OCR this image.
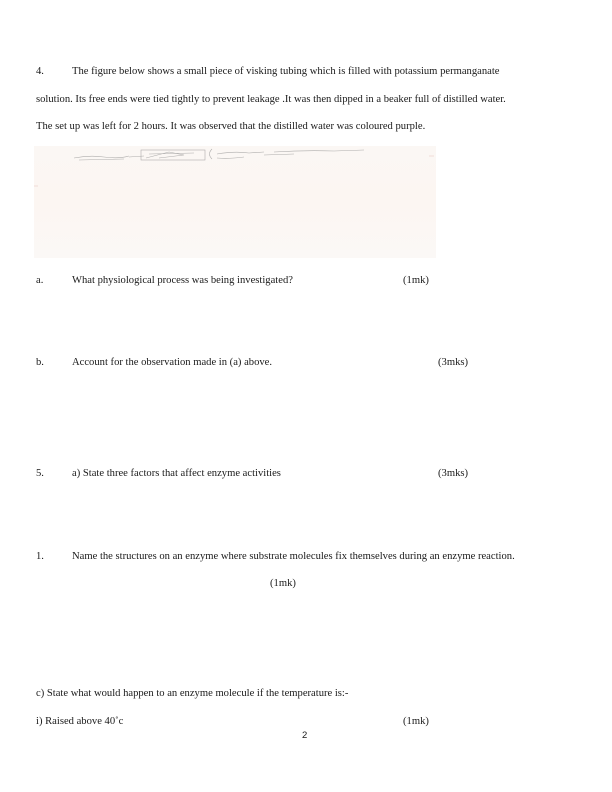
4.	The figure below shows a small piece of visking tubing which is filled with potassium permanganate
solution. Its free ends were tied tightly to prevent leakage .It was then dipped in a beaker full of distilled water.
The set up was left for 2 hours. It was observed that the distilled water was coloured purple.
a.	What physiological process was being investigated?	(1mk)
b.	Account for the observation made in (a) above.	(3mks)
5.	a) State three factors that affect enzyme activities	(3mks)
1.	Name the structures on an enzyme where substrate molecules fix themselves during an enzyme reaction.
(1mk)
c) State what would happen to an enzyme molecule if the temperature is:-
i) Raised above 40˚c	(1mk)
2
